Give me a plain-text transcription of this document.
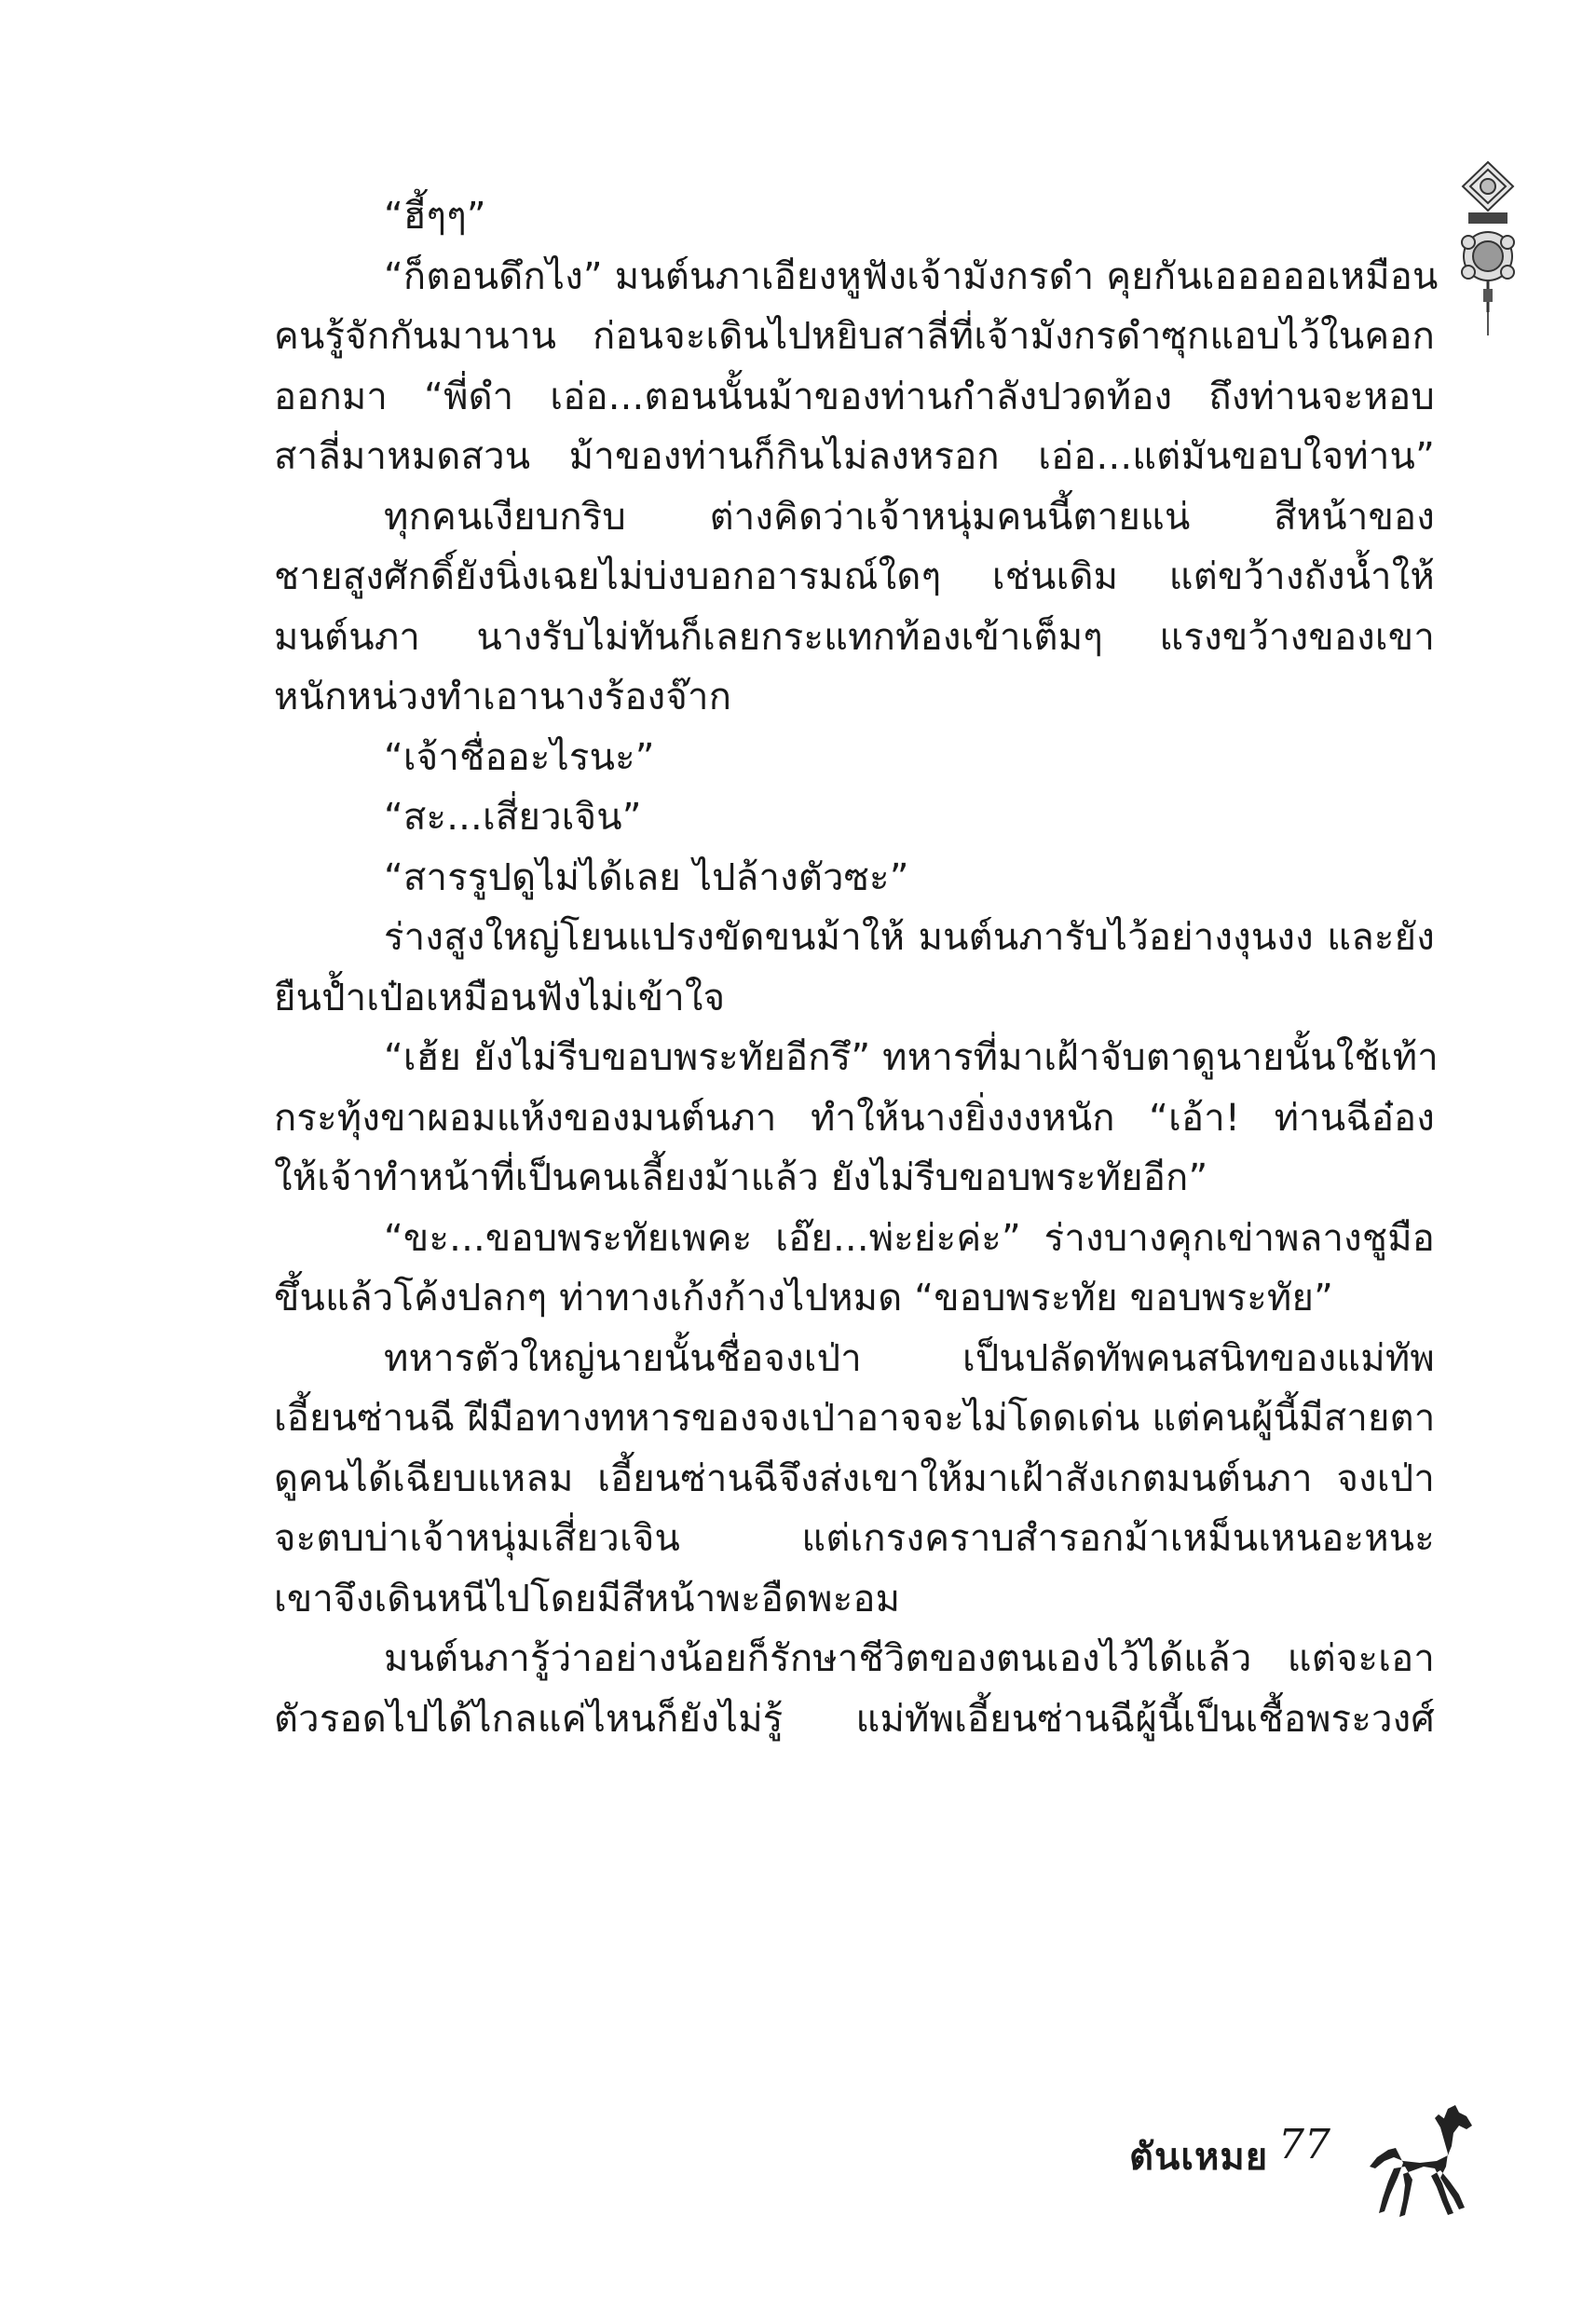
“ฮี้ๆๆ”
“ก็ตอนดึกไง” มนต์นภาเอียงหูฟังเจ้ามังกรดำ คุยกันเอออออเหมือน
คนรู้จักกันมานาน ก่อนจะเดินไปหยิบสาลี่ที่เจ้ามังกรดำซุกแอบไว้ในคอก
ออกมา “พี่ดำ เอ่อ...ตอนนั้นม้าของท่านกำลังปวดท้อง ถึงท่านจะหอบ
สาลี่มาหมดสวน ม้าของท่านก็กินไม่ลงหรอก เอ่อ...แต่มันขอบใจท่าน”
ทุกคนเงียบกริบ ต่างคิดว่าเจ้าหนุ่มคนนี้ตายแน่ สีหน้าของ
ชายสูงศักดิ์ยังนิ่งเฉยไม่บ่งบอกอารมณ์ใดๆ เช่นเดิม แต่ขว้างถังน้ำให้
มนต์นภา นางรับไม่ทันก็เลยกระแทกท้องเข้าเต็มๆ แรงขว้างของเขา
หนักหน่วงทำเอานางร้องจ๊าก
“เจ้าชื่ออะไรนะ”
“สะ...เสี่ยวเจิน”
“สารรูปดูไม่ได้เลย ไปล้างตัวซะ”
ร่างสูงใหญ่โยนแปรงขัดขนม้าให้ มนต์นภารับไว้อย่างงุนงง และยัง
ยืนป้ำเป๋อเหมือนฟังไม่เข้าใจ
“เฮ้ย ยังไม่รีบขอบพระทัยอีกรึ” ทหารที่มาเฝ้าจับตาดูนายนั้นใช้เท้า
กระทุ้งขาผอมแห้งของมนต์นภา ทำให้นางยิ่งงงหนัก “เอ้า! ท่านฉีอ๋อง
ให้เจ้าทำหน้าที่เป็นคนเลี้ยงม้าแล้ว ยังไม่รีบขอบพระทัยอีก”
“ขะ...ขอบพระทัยเพคะ เอ๊ย...พ่ะย่ะค่ะ” ร่างบางคุกเข่าพลางชูมือ
ขึ้นแล้วโค้งปลกๆ ท่าทางเก้งก้างไปหมด “ขอบพระทัย ขอบพระทัย”
ทหารตัวใหญ่นายนั้นชื่อจงเป่า เป็นปลัดทัพคนสนิทของแม่ทัพ
เอี้ยนซ่านฉี ฝีมือทางทหารของจงเป่าอาจจะไม่โดดเด่น แต่คนผู้นี้มีสายตา
ดูคนได้เฉียบแหลม เอี้ยนซ่านฉีจึงส่งเขาให้มาเฝ้าสังเกตมนต์นภา จงเป่า
จะตบบ่าเจ้าหนุ่มเสี่ยวเจิน แต่เกรงคราบสำรอกม้าเหม็นเหนอะหนะ
เขาจึงเดินหนีไปโดยมีสีหน้าพะอืดพะอม
มนต์นภารู้ว่าอย่างน้อยก็รักษาชีวิตของตนเองไว้ได้แล้ว แต่จะเอา
ตัวรอดไปได้ไกลแค่ไหนก็ยังไม่รู้ แม่ทัพเอี้ยนซ่านฉีผู้นี้เป็นเชื้อพระวงศ์
ตันเหมย 77
